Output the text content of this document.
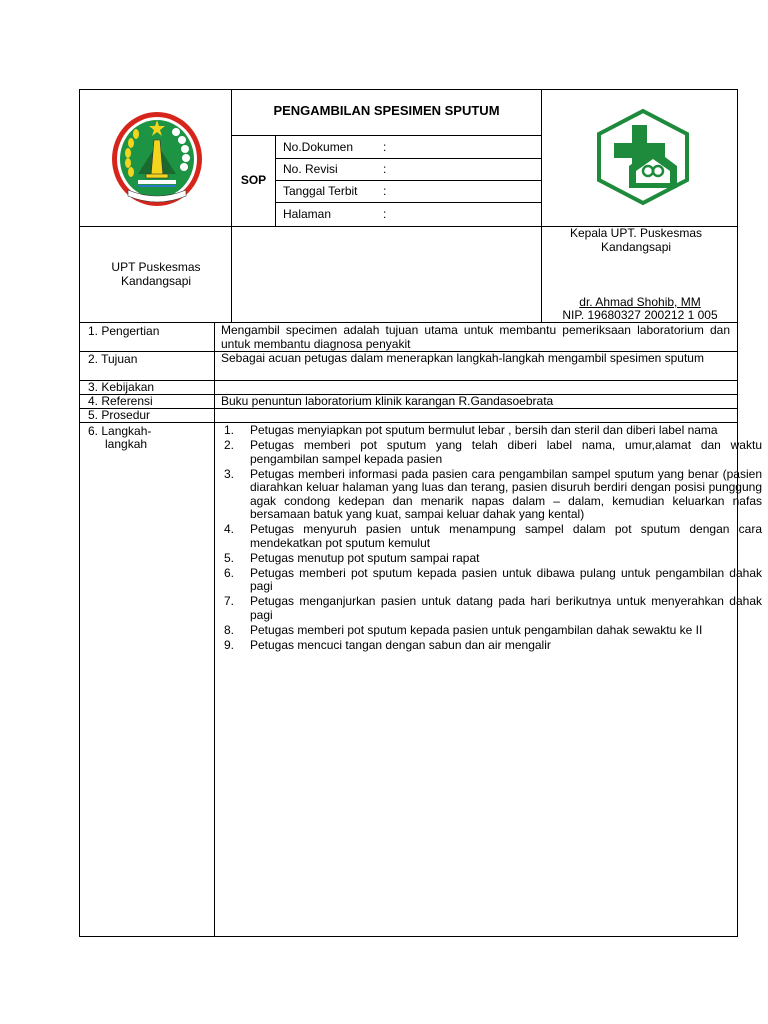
PENGAMBILAN SPESIMEN SPUTUM
SOP
No.Dokumen :
No. Revisi	:
Tanggal Terbit :
Halaman	:
UPT Puskesmas Kandangsapi
Kepala UPT. Puskesmas Kandangsapi
dr. Ahmad Shohib, MM
NIP. 19680327 200212 1 005
1. Pengertian
2. Tujuan
3. Kebijakan
4. Referensi
5. Prosedur
6. Langkah-
langkah
Mengambil specimen adalah tujuan utama untuk membantu pemeriksaan laboratorium dan untuk membantu diagnosa penyakit
Sebagai acuan petugas dalam menerapkan langkah-langkah mengambil spesimen sputum
Buku penuntun laboratorium klinik karangan R.Gandasoebrata
1. Petugas menyiapkan pot sputum bermulut lebar , bersih dan steril dan diberi label nama
2. Petugas memberi pot sputum yang telah diberi label nama, umur,alamat dan waktu pengambilan sampel kepada pasien
3. Petugas memberi informasi pada pasien cara pengambilan sampel sputum yang benar (pasien diarahkan keluar halaman yang luas dan terang, pasien disuruh berdiri dengan posisi punggung agak condong kedepan dan menarik napas dalam – dalam, kemudian keluarkan nafas bersamaan batuk yang kuat, sampai keluar dahak yang kental)
4. Petugas menyuruh pasien untuk menampung sampel dalam pot sputum dengan cara mendekatkan pot sputum kemulut
5. Petugas menutup pot sputum sampai rapat
6. Petugas memberi pot sputum kepada pasien untuk dibawa pulang untuk pengambilan dahak pagi
7. Petugas menganjurkan pasien untuk datang pada hari berikutnya untuk menyerahkan dahak pagi
8. Petugas memberi pot sputum kepada pasien untuk pengambilan dahak sewaktu ke II
9. Petugas mencuci tangan dengan sabun dan air mengalir
